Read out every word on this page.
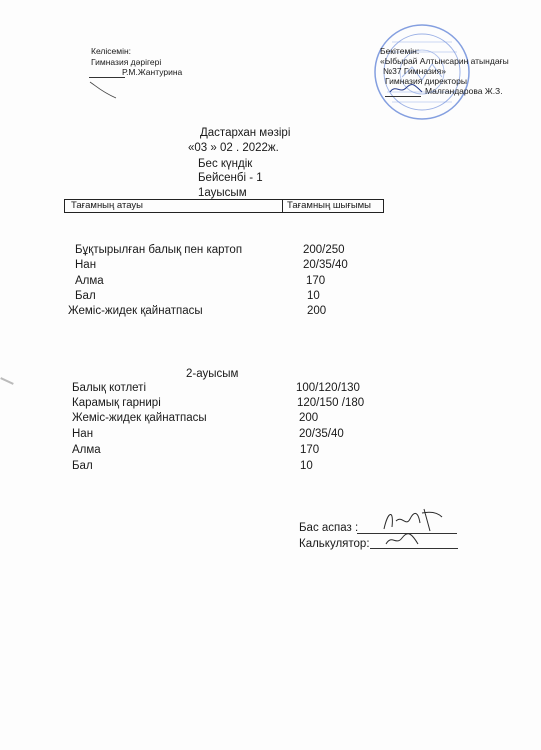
Келісемін:
Гимназия дәрігері
Р.М.Жантурина
Бекітемін:
«Ыбырай Алтынсарин атындағы
№37 Гимназия»
Гимназия директоры
Малгандарова Ж.З.
Дастархан мәзірі
«03 » 02 . 2022ж.
Бес күндік
Бейсенбі - 1
1ауысым
Тағамның атауы	Тағамның шығымы
Бұқтырылған балық пен картоп	200/250
Нан	20/35/40
Алма	170
Бал	10
Жеміс-жидек қайнатпасы	200
2-ауысым
Балық котлеті	100/120/130
Карамық гарнирі	120/150 /180
Жеміс-жидек қайнатпасы	200
Нан	20/35/40
Алма	170
Бал	10
Бас аспаз :
Калькулятор:
